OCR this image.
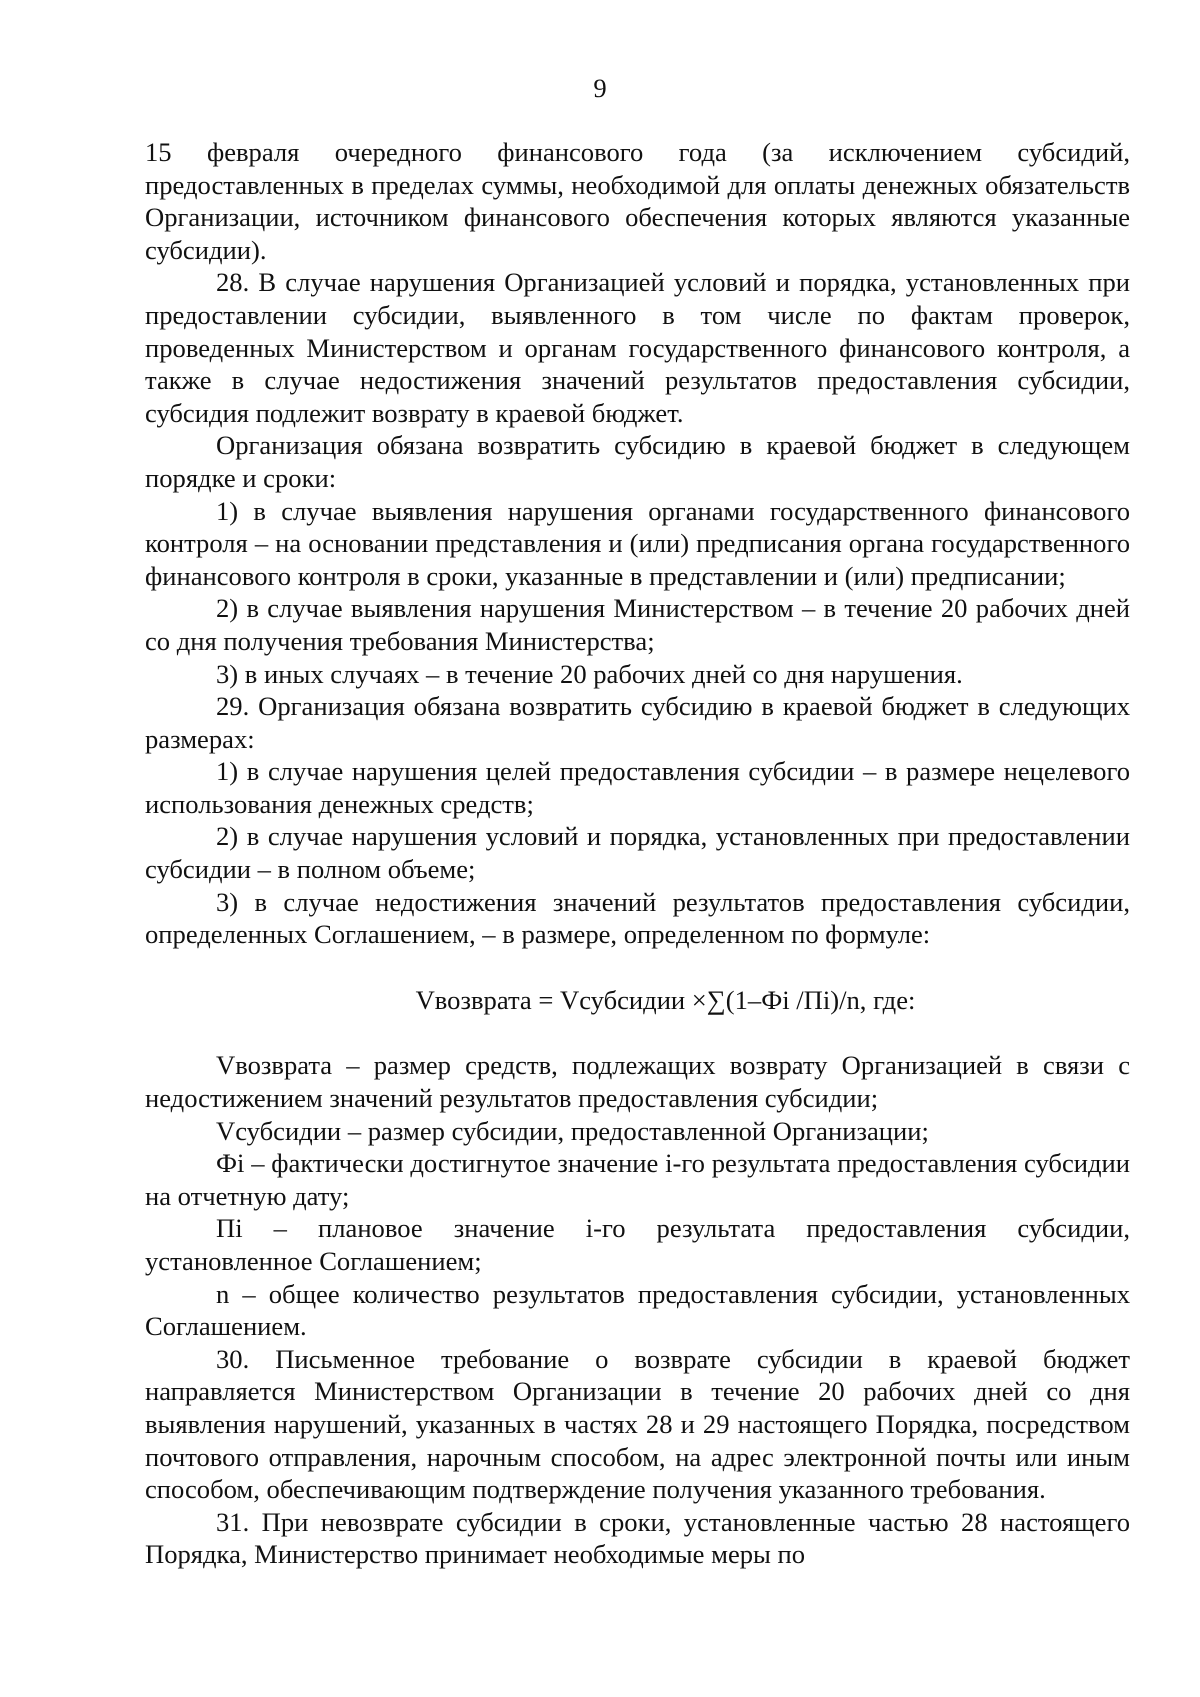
9

15 февраля очередного финансового года (за исключением субсидий, предоставленных в пределах суммы, необходимой для оплаты денежных обязательств Организации, источником финансового обеспечения которых являются указанные субсидии).

28. В случае нарушения Организацией условий и порядка, установленных при предоставлении субсидии, выявленного в том числе по фактам проверок, проведенных Министерством и органам государственного финансового контроля, а также в случае недостижения значений результатов предоставления субсидии, субсидия подлежит возврату в краевой бюджет.

Организация обязана возвратить субсидию в краевой бюджет в следующем порядке и сроки:

1) в случае выявления нарушения органами государственного финансового контроля – на основании представления и (или) предписания органа государственного финансового контроля в сроки, указанные в представлении и (или) предписании;

2) в случае выявления нарушения Министерством – в течение 20 рабочих дней со дня получения требования Министерства;

3) в иных случаях – в течение 20 рабочих дней со дня нарушения.

29. Организация обязана возвратить субсидию в краевой бюджет в следующих размерах:

1) в случае нарушения целей предоставления субсидии – в размере нецелевого использования денежных средств;

2) в случае нарушения условий и порядка, установленных при предоставлении субсидии – в полном объеме;

3) в случае недостижения значений результатов предоставления субсидии, определенных Соглашением, – в размере, определенном по формуле:

Vвозврата = Vсубсидии ×∑(1–Фi /Пi)/n, где:

Vвозврата – размер средств, подлежащих возврату Организацией в связи с недостижением значений результатов предоставления субсидии;

Vсубсидии – размер субсидии, предоставленной Организации;

Фi – фактически достигнутое значение i-го результата предоставления субсидии на отчетную дату;

Пi – плановое значение i-го результата предоставления субсидии, установленное Соглашением;

n – общее количество результатов предоставления субсидии, установленных Соглашением.

30. Письменное требование о возврате субсидии в краевой бюджет направляется Министерством Организации в течение 20 рабочих дней со дня выявления нарушений, указанных в частях 28 и 29 настоящего Порядка, посредством почтового отправления, нарочным способом, на адрес электронной почты или иным способом, обеспечивающим подтверждение получения указанного требования.

31. При невозврате субсидии в сроки, установленные частью 28 настоящего Порядка, Министерство принимает необходимые меры по
